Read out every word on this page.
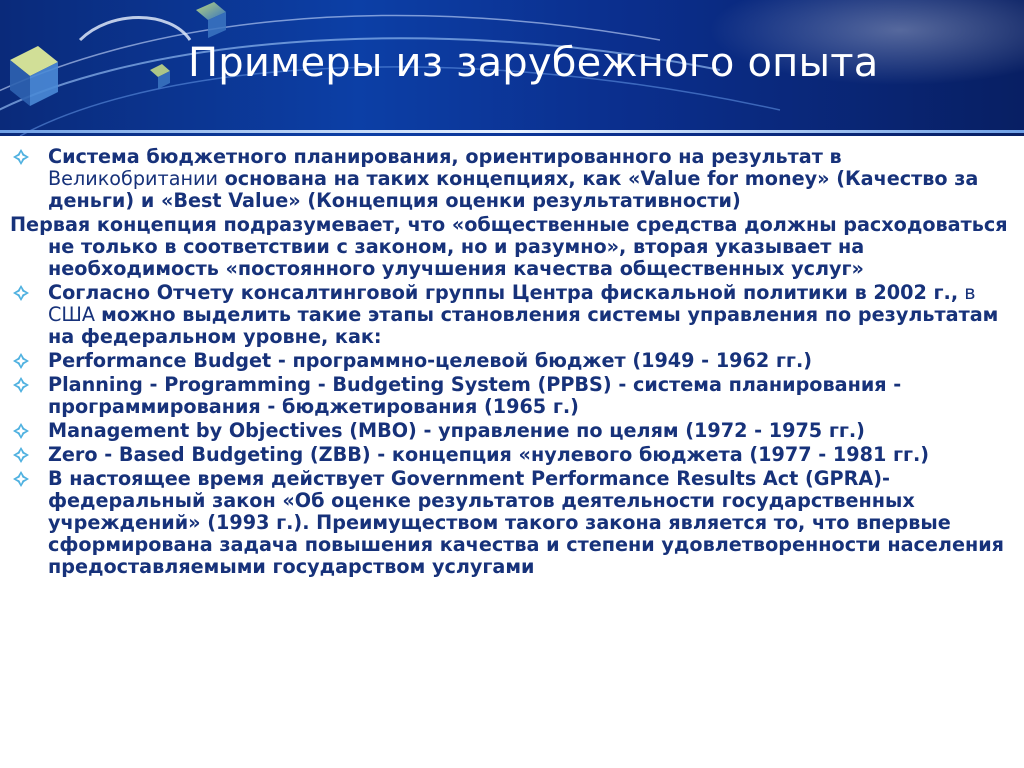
Примеры из зарубежного опыта
Система бюджетного планирования, ориентированного на результат в Великобритании основана на таких концепциях, как «Value for money» (Качество за деньги) и «Best Value» (Концепция оценки результативности)
Первая концепция подразумевает, что «общественные средства должны расходоваться не только в соответствии с законом, но и разумно», вторая указывает на необходимость «постоянного улучшения качества общественных услуг»
Согласно Отчету консалтинговой группы Центра фискальной политики в 2002 г., в США можно выделить такие этапы становления системы управления по результатам на федеральном уровне, как:
Performance Budget - программно-целевой бюджет (1949 - 1962 гг.)
Planning - Programming - Budgeting System (PPBS) - система планирования - программирования - бюджетирования (1965 г.)
Management by Objectives (MBO) - управление по целям (1972 - 1975 гг.)
Zero - Based Budgeting (ZBB) - концепция «нулевого бюджета (1977 - 1981 гг.)
В настоящее время действует Government Performance Results Act (GPRA)-федеральный закон «Об оценке результатов деятельности государственных учреждений» (1993 г.). Преимуществом такого закона является то, что впервые сформирована задача повышения качества и степени удовлетворенности населения предоставляемыми государством услугами
